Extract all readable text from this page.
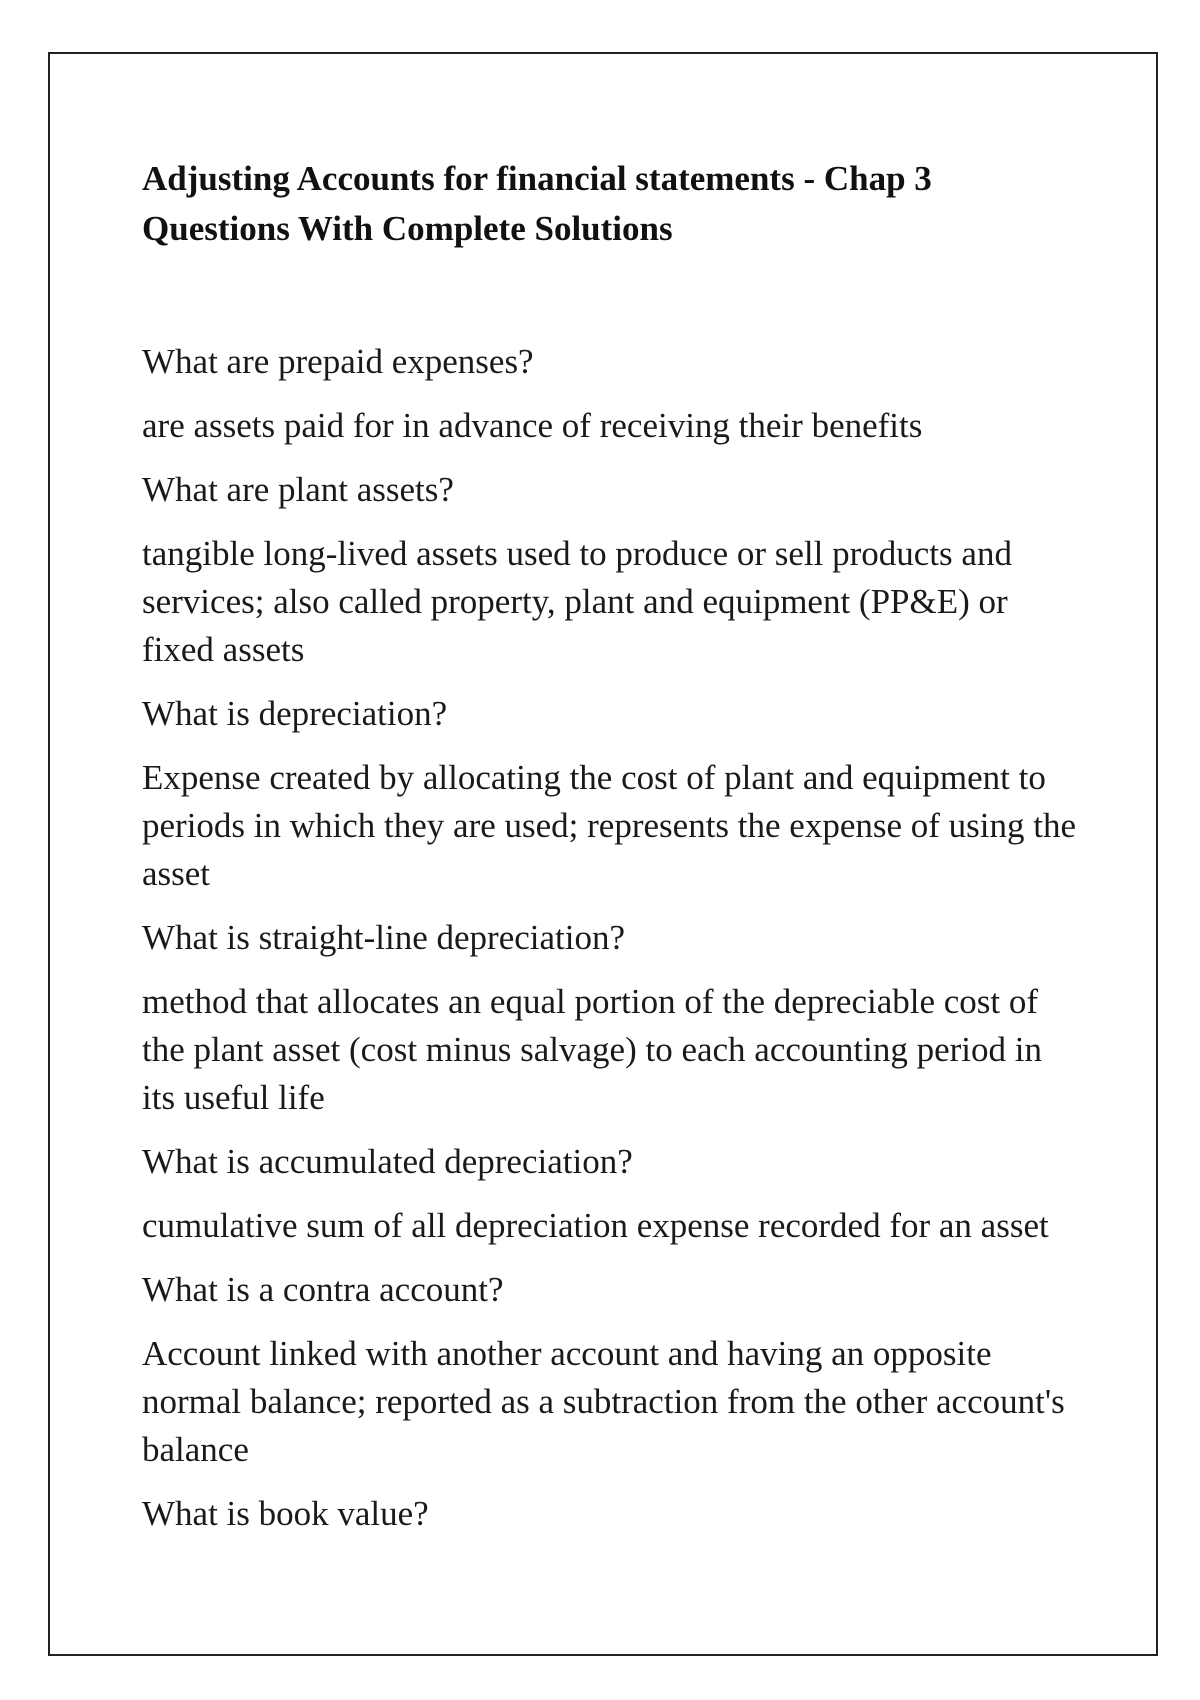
Adjusting Accounts for financial statements - Chap 3 Questions With Complete Solutions

What are prepaid expenses?

are assets paid for in advance of receiving their benefits

What are plant assets?

tangible long-lived assets used to produce or sell products and services; also called property, plant and equipment (PP&E) or fixed assets

What is depreciation?

Expense created by allocating the cost of plant and equipment to periods in which they are used; represents the expense of using the asset

What is straight-line depreciation?

method that allocates an equal portion of the depreciable cost of the plant asset (cost minus salvage) to each accounting period in its useful life

What is accumulated depreciation?

cumulative sum of all depreciation expense recorded for an asset

What is a contra account?

Account linked with another account and having an opposite normal balance; reported as a subtraction from the other account's balance

What is book value?
